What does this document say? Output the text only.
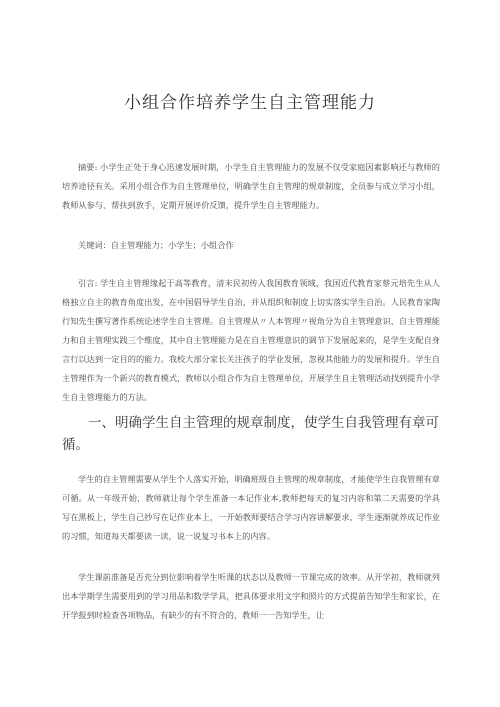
小组合作培养学生自主管理能力
摘要: 小学生正处于身心迅速发展时期，小学生自主管理能力的发展不仅受家庭因素影响还与教师的培养途径有关。采用小组合作为自主管理单位，明确学生自主管理的规章制度，全员参与成立学习小组，教师从参与、帮扶到放手，定期开展评价反馈，提升学生自主管理能力。
关键词：自主管理能力；小学生；小组合作
引言: 学生自主管理缘起于高等教育，清末民初传入我国教育领域，我国近代教育家蔡元培先生从人格独立自主的教育角度出发，在中国倡导学生自治，并从组织和制度上切实落实学生自治。人民教育家陶行知先生撰写著作系统论述学生自主管理。自主管理从〃人本管理〃视角分为自主管理意识、自主管理能力和自主管理实践三个维度，其中自主管理能力是在自主管理意识的调节下发展起来的，是学生支配自身言行以达到一定目的的能力。我校大部分家长关注孩子的学业发展，忽视其他能力的发展和提升。学生自主管理作为一个新兴的教育模式，教师以小组合作为自主管理单位，开展学生自主管理活动找到提升小学生自主管理能力的方法。
一、明确学生自主管理的规章制度，使学生自我管理有章可循。
学生的自主管理需要从学生个人落实开始，明确班级自主管理的规章制度，才能使学生自我管理有章可循。从一年级开始，教师就让每个学生准备一本记作业本,教师把每天的复习内容和第二天需要的学具写在黑板上，学生自己抄写在记作业本上，一开始教师要结合学习内容讲解要求，学生逐渐就养成记作业的习惯，知道每天都要读一读，说一说复习书本上的内容。
学生课前准备是否充分到位影响着学生听课的状态以及教师一节课完成的效率。从开学初，教师就列出本学期学生需要用到的学习用品和数学学具，把具体要求用文字和照片的方式提前告知学生和家长，在开学报到时检查各项物品，有缺少的有不符合的，教师一一告知学生，让
